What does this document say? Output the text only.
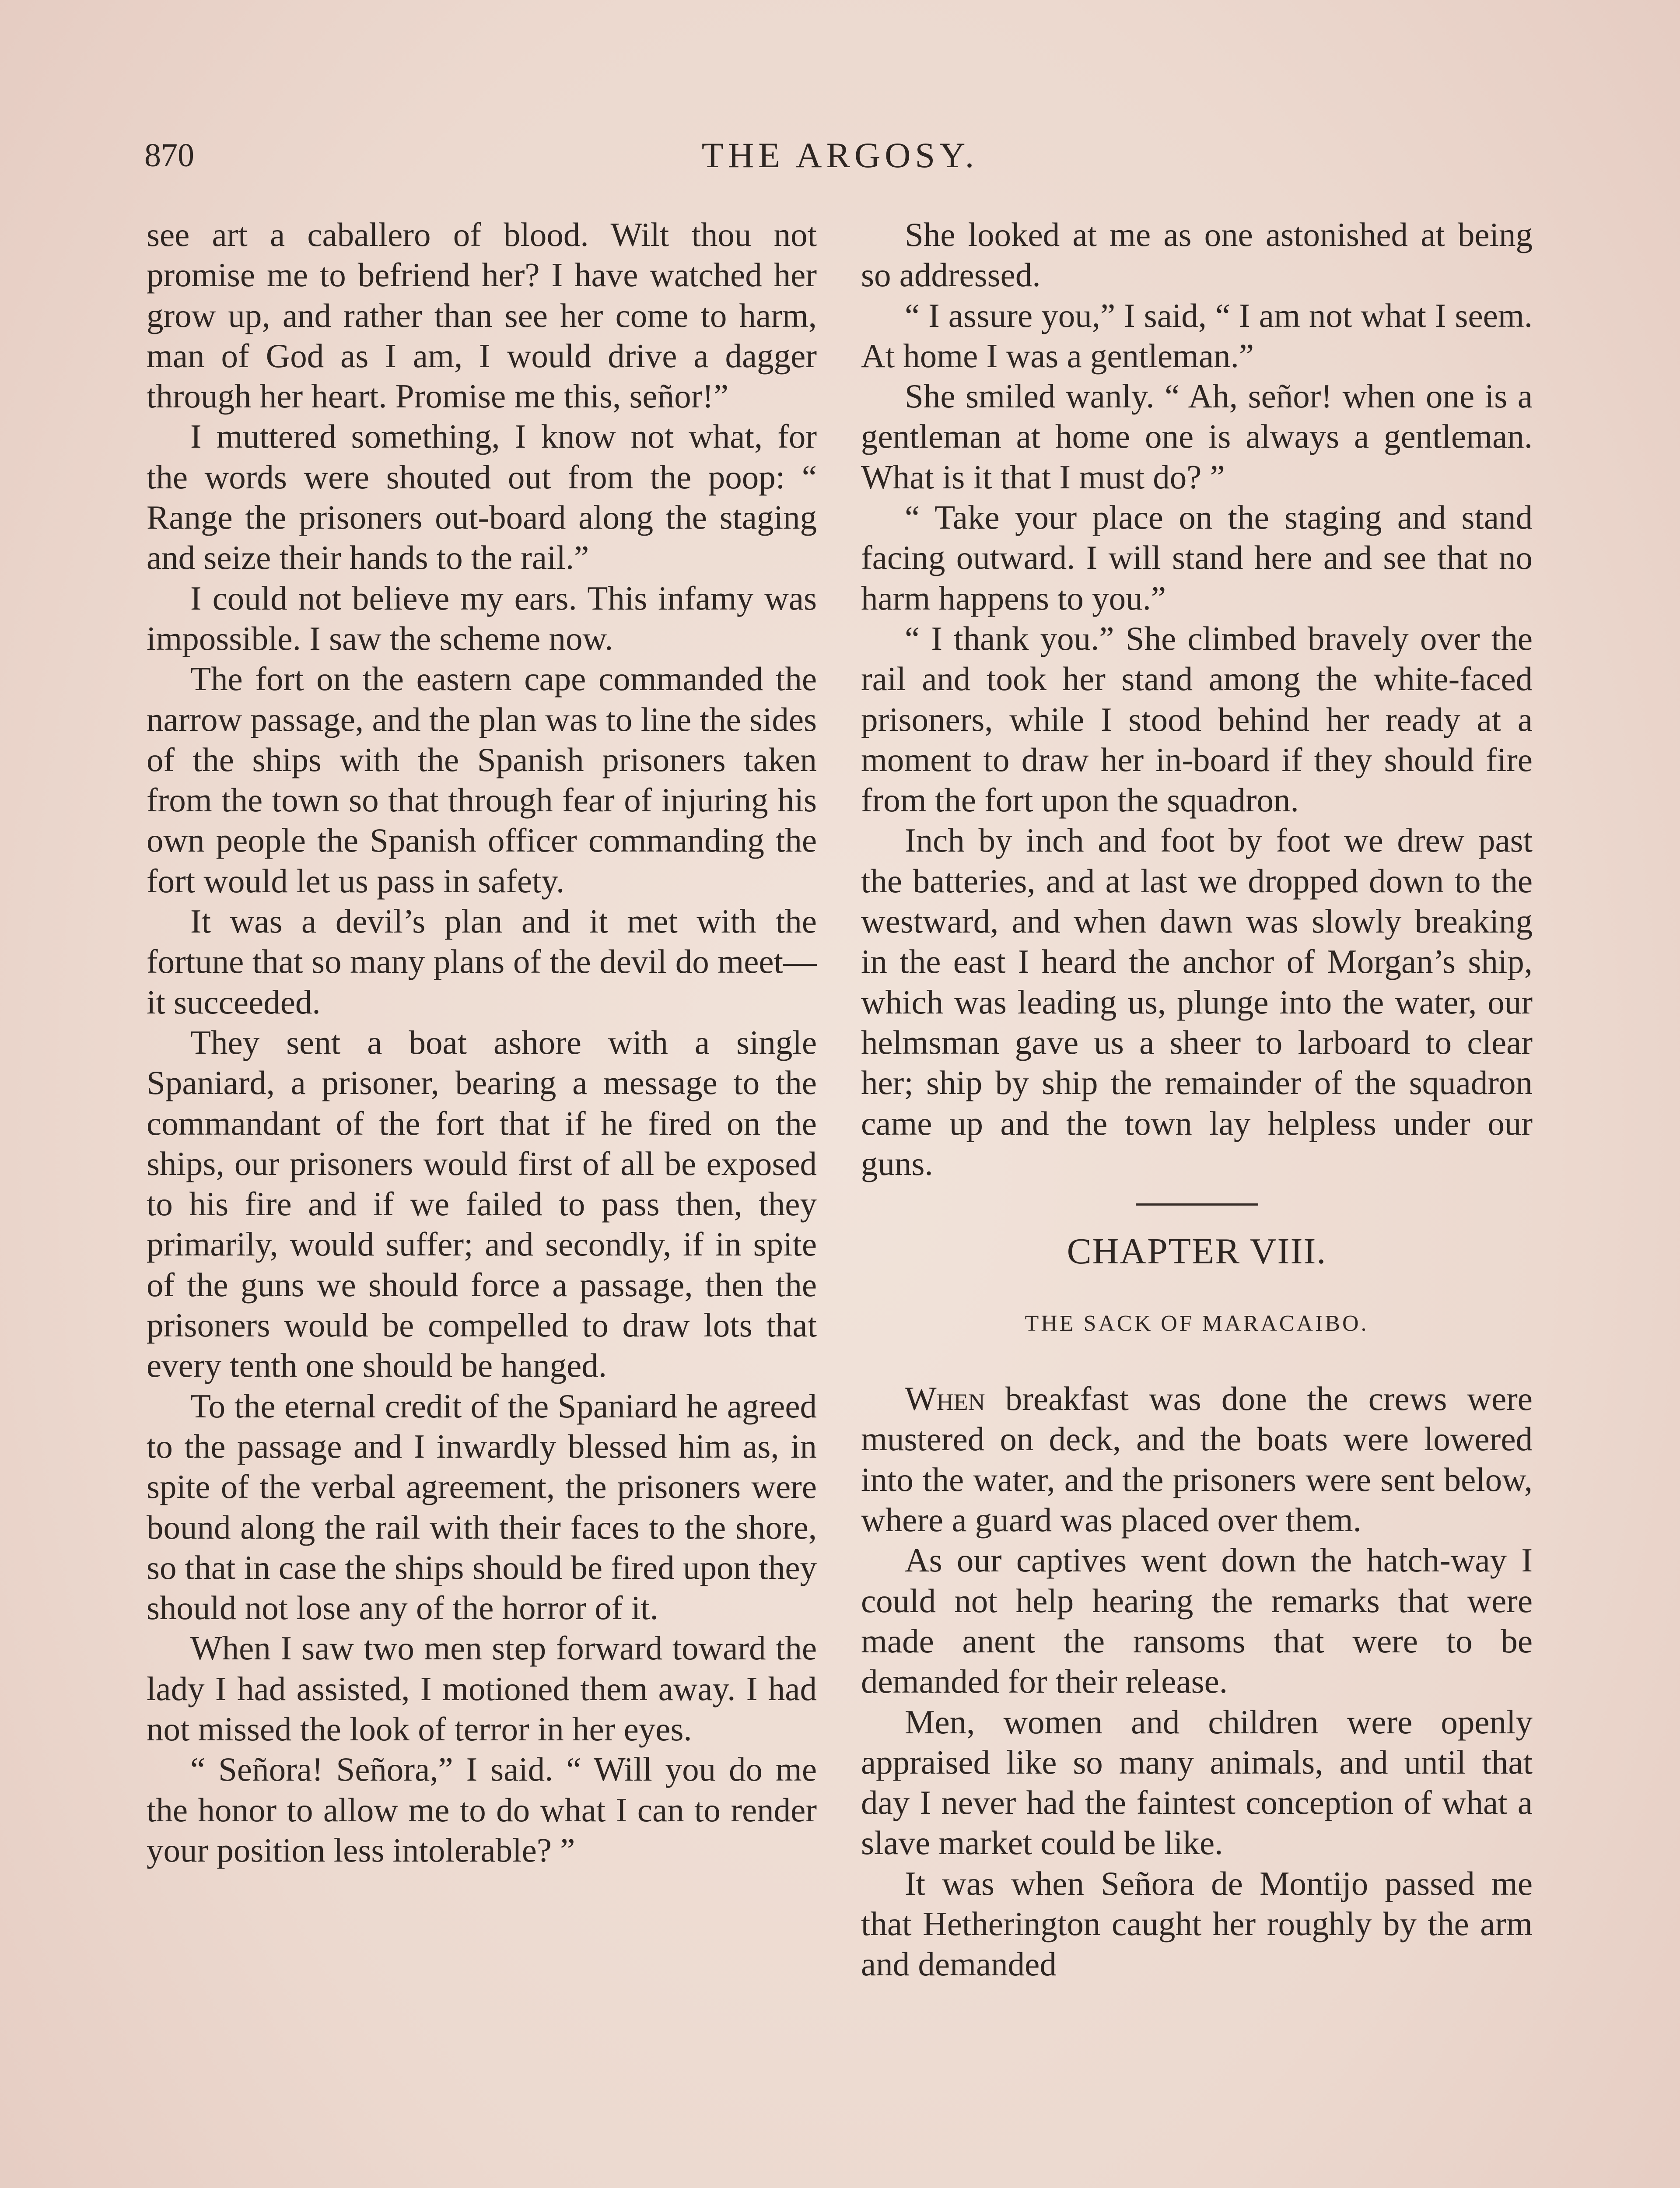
870	THE ARGOSY.

see art a caballero of blood. Wilt thou not promise me to befriend her? I have watched her grow up, and rather than see her come to harm, man of God as I am, I would drive a dagger through her heart. Promise me this, señor!”

I muttered something, I know not what, for the words were shouted out from the poop: “ Range the prisoners out-board along the staging and seize their hands to the rail.”

I could not believe my ears. This infamy was impossible. I saw the scheme now.

The fort on the eastern cape commanded the narrow passage, and the plan was to line the sides of the ships with the Spanish prisoners taken from the town so that through fear of injuring his own people the Spanish officer commanding the fort would let us pass in safety.

It was a devil’s plan and it met with the fortune that so many plans of the devil do meet—it succeeded.

They sent a boat ashore with a single Spaniard, a prisoner, bearing a message to the commandant of the fort that if he fired on the ships, our prisoners would first of all be exposed to his fire and if we failed to pass then, they primarily, would suffer; and secondly, if in spite of the guns we should force a passage, then the prisoners would be compelled to draw lots that every tenth one should be hanged.

To the eternal credit of the Spaniard he agreed to the passage and I inwardly blessed him as, in spite of the verbal agreement, the prisoners were bound along the rail with their faces to the shore, so that in case the ships should be fired upon they should not lose any of the horror of it.

When I saw two men step forward toward the lady I had assisted, I motioned them away. I had not missed the look of terror in her eyes.

“ Señora! Señora,” I said. “ Will you do me the honor to allow me to do what I can to render your position less intolerable? ”

She looked at me as one astonished at being so addressed.

“ I assure you,” I said, “ I am not what I seem. At home I was a gentleman.”

She smiled wanly. “ Ah, señor! when one is a gentleman at home one is always a gentleman. What is it that I must do? ”

“ Take your place on the staging and stand facing outward. I will stand here and see that no harm happens to you.”

“ I thank you.” She climbed bravely over the rail and took her stand among the white-faced prisoners, while I stood behind her ready at a moment to draw her in-board if they should fire from the fort upon the squadron.

Inch by inch and foot by foot we drew past the batteries, and at last we dropped down to the westward, and when dawn was slowly breaking in the east I heard the anchor of Morgan’s ship, which was leading us, plunge into the water, our helmsman gave us a sheer to larboard to clear her; ship by ship the remainder of the squadron came up and the town lay helpless under our guns.

CHAPTER VIII.
THE SACK OF MARACAIBO.

When breakfast was done the crews were mustered on deck, and the boats were lowered into the water, and the prisoners were sent below, where a guard was placed over them.

As our captives went down the hatch-way I could not help hearing the remarks that were made anent the ransoms that were to be demanded for their release.

Men, women and children were openly appraised like so many animals, and until that day I never had the faintest conception of what a slave market could be like.

It was when Señora de Montijo passed me that Hetherington caught her roughly by the arm and demanded
